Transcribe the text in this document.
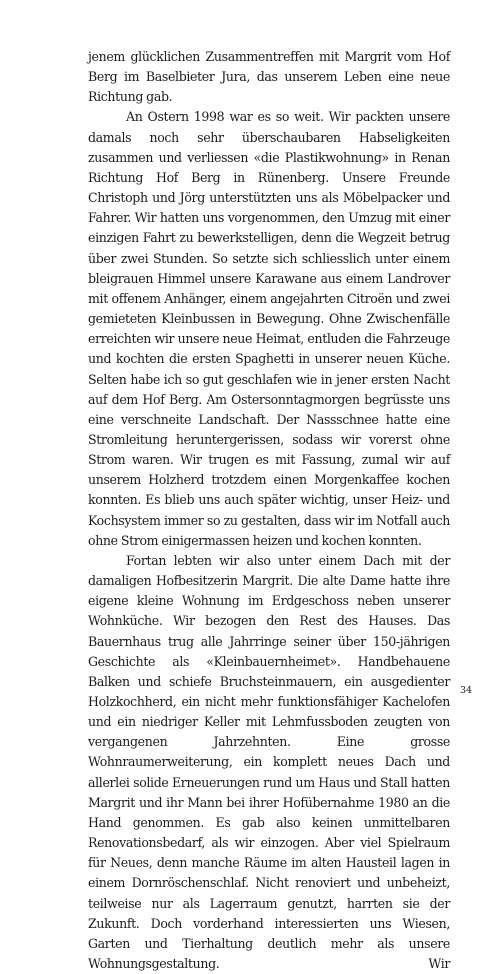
jenem glücklichen Zusammentreffen mit Margrit vom Hof Berg im Baselbieter Jura, das unserem Leben eine neue Richtung gab.

An Ostern 1998 war es so weit. Wir packten unsere damals noch sehr überschaubaren Habseligkeiten zusammen und verliessen «die Plastikwohnung» in Renan Richtung Hof Berg in Rünenberg. Unsere Freunde Christoph und Jörg unterstützten uns als Möbelpacker und Fahrer. Wir hatten uns vorgenommen, den Umzug mit einer einzigen Fahrt zu bewerkstelligen, denn die Wegzeit betrug über zwei Stunden. So setzte sich schliesslich unter einem bleigrauen Himmel unsere Karawane aus einem Landrover mit offenem Anhänger, einem angejahrten Citroën und zwei gemieteten Kleinbussen in Bewegung. Ohne Zwischenfälle erreichten wir unsere neue Heimat, entluden die Fahrzeuge und kochten die ersten Spaghetti in unserer neuen Küche. Selten habe ich so gut geschlafen wie in jener ersten Nacht auf dem Hof Berg. Am Ostersonntagmorgen begrüsste uns eine verschneite Landschaft. Der Nassschnee hatte eine Stromleitung heruntergerissen, sodass wir vorerst ohne Strom waren. Wir trugen es mit Fassung, zumal wir auf unserem Holzherd trotzdem einen Morgenkaffee kochen konnten. Es blieb uns auch später wichtig, unser Heiz- und Kochsystem immer so zu gestalten, dass wir im Notfall auch ohne Strom einigermassen heizen und kochen konnten.

Fortan lebten wir also unter einem Dach mit der damaligen Hofbesitzerin Margrit. Die alte Dame hatte ihre eigene kleine Wohnung im Erdgeschoss neben unserer Wohnküche. Wir bezogen den Rest des Hauses. Das Bauernhaus trug alle Jahrringe seiner über 150-jährigen Geschichte als «Kleinbauernheimet». Handbehauene Balken und schiefe Bruchsteinmauern, ein ausgedienter Holzkochherd, ein nicht mehr funktionsfähiger Kachelofen und ein niedriger Keller mit Lehmfussboden zeugten von vergangenen Jahrzehnten. Eine grosse Wohnraumerweiterung, ein komplett neues Dach und allerlei solide Erneuerungen rund um Haus und Stall hatten Margrit und ihr Mann bei ihrer Hofübernahme 1980 an die Hand genommen. Es gab also keinen unmittelbaren Renovationsbedarf, als wir einzogen. Aber viel Spielraum für Neues, denn manche Räume im alten Hausteil lagen in einem Dornröschenschlaf. Nicht renoviert und unbeheizt, teilweise nur als Lagerraum genutzt, harrten sie der Zukunft. Doch vorderhand interessierten uns Wiesen, Garten und Tierhaltung deutlich mehr als unsere Wohnungsgestaltung. Wir

34
